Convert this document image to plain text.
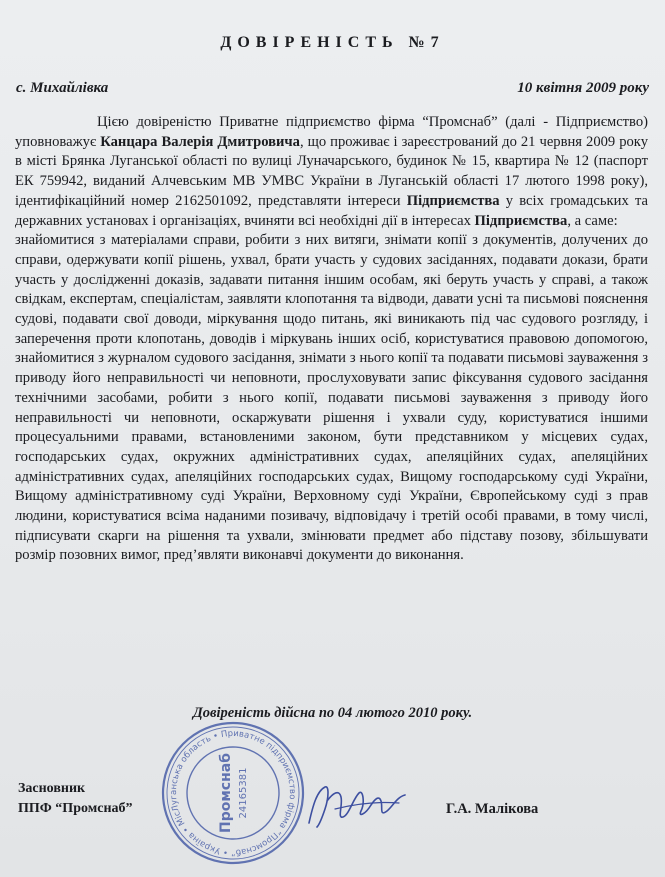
ДОВІРЕНІСТЬ №7
с. Михайлівка	10 квітня 2009 року

Цією довіреністю Приватне підприємство фірма “Промснаб” (далі - Підприємство) уповноважує Канцара Валерія Дмитровича, що проживає і зареєстрований до 21 червня 2009 року в місті Брянка Луганської області по вулиці Луначарського, будинок № 15, квартира № 12 (паспорт ЕК 759942, виданий Алчевським МВ УМВС України в Луганській області 17 лютого 1998 року), ідентифікаційний номер 2162501092, представляти інтереси Підприємства у всіх громадських та державних установах і організаціях, вчиняти всі необхідні дії в інтересах Підприємства, а саме:

знайомитися з матеріалами справи, робити з них витяги, знімати копії з документів, долучених до справи, одержувати копії рішень, ухвал, брати участь у судових засіданнях, подавати докази, брати участь у дослідженні доказів, задавати питання іншим особам, які беруть участь у справі, а також свідкам, експертам, спеціалістам, заявляти клопотання та відводи, давати усні та письмові пояснення судові, подавати свої доводи, міркування щодо питань, які виникають під час судового розгляду, і заперечення проти клопотань, доводів і міркувань інших осіб, користуватися правовою допомогою, знайомитися з журналом судового засідання, знімати з нього копії та подавати письмові зауваження з приводу його неправильності чи неповноти, прослуховувати запис фіксування судового засідання технічними засобами, робити з нього копії, подавати письмові зауваження з приводу його неправильності чи неповноти, оскаржувати рішення і ухвали суду, користуватися іншими процесуальними правами, встановленими законом, бути представником у місцевих судах, господарських судах, окружних адміністративних судах, апеляційних судах, апеляційних адміністративних судах, апеляційних господарських судах, Вищому господарському суді України, Вищому адміністративному суді України, Верховному суді України, Європейському суді з прав людини, користуватися всіма наданими позивачу, відповідачу і третій особі правами, в тому числі, підписувати скарги на рішення та ухвали, змінювати предмет або підставу позову, збільшувати розмір позовних вимог, пред’являти виконавчі документи до виконання.

Довіреність дійсна по 04 лютого 2010 року.
Засновник
ППФ “Промснаб”	Луганська область • Приватне підприємство фірма “Промснаб” • Україна • Місто
Промснаб 24165381	Г.А. Малікова
